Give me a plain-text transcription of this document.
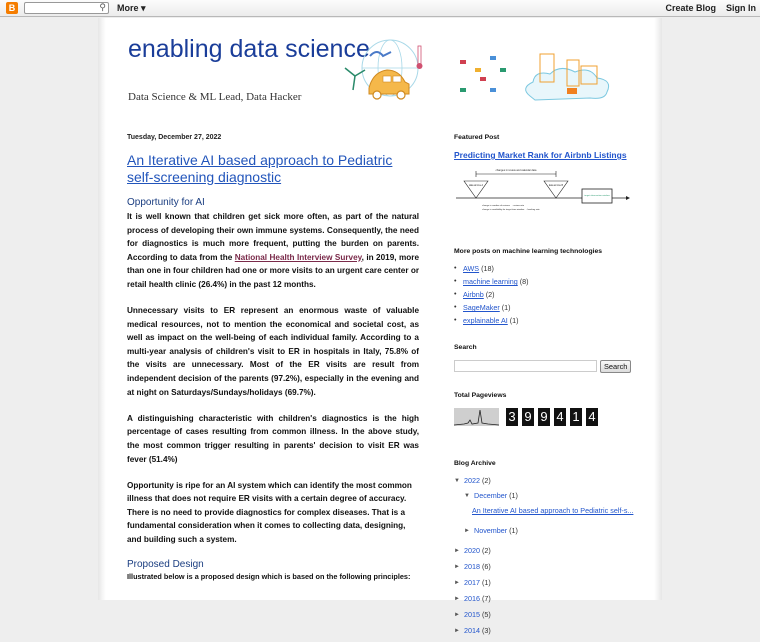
B	⚲ More ▾	Create Blog Sign In
enabling data science
Data Science & ML Lead, Data Hacker
Tuesday, December 27, 2022
An Iterative AI based approach to Pediatric self-screening diagnostic
Opportunity for AI

It is well known that children get sick more often, as part of the natural process of developing their own immune systems. Consequently, the need for diagnostics is much more frequent, putting the burden on parents. According to data from the National Health Interview Survey, in 2019, more than one in four children had one or more visits to an urgent care center or retail health clinic (26.4%) in the past 12 months.

Unnecessary visits to ER represent an enormous waste of valuable medical resources, not to mention the economical and societal cost, as well as impact on the well-being of each individual family. According to a multi-year analysis of children's visit to ER in hospitals in Italy, 75.8% of the visits are unnecessary. Most of the ER visits are result from independent decision of the parents (97.2%), especially in the evening and at night on Saturdays/Sundays/holidays (69.7%).

A distinguishing characteristic with children's diagnostics is the high percentage of cases resulting from common illness. In the above study, the most common trigger resulting in parents' decision to visit ER was fever (51.4%)

Opportunity is ripe for an AI system which can identify the most common illness that does not require ER visits with a certain degree of accuracy. There is no need to provide diagnostics for complex diseases. That is a fundamental consideration when it comes to collecting data, designing, and building such a system.

Proposed Design

Illustrated below is a proposed design which is based on the following principles:

Featured Post
Predicting Market Rank for Airbnb Listings
changes in review and calendar data
data at time A	data at time B
target observation window
change in number of reviews → review rate
change in availability for target time window → booking rate
More posts on machine learning technologies
• AWS (18)
• machine learning (8)
• Airbnb (2)
• SageMaker (1)
• explainable AI (1)
Search
Search
Total Pageviews
3 9 9 4 1 4
Blog Archive
▼ 2022 (2)
▼ December (1)
An Iterative AI based approach to Pediatric self-s...
► November (1)
► 2020 (2)
► 2018 (6)
► 2017 (1)
► 2016 (7)
► 2015 (5)
► 2014 (3)
